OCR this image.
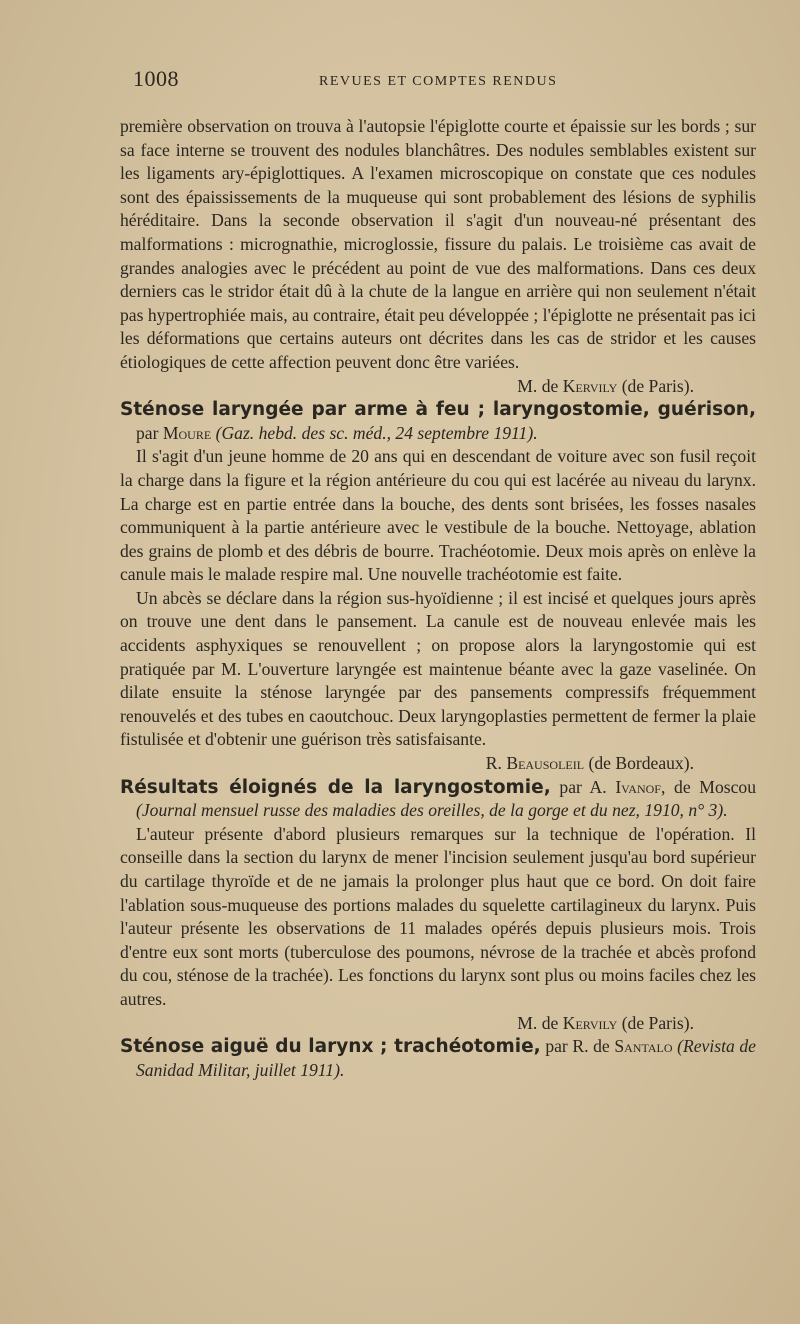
1008	REVUES ET COMPTES RENDUS

première observation on trouva à l'autopsie l'épiglotte courte et épaissie sur les bords ; sur sa face interne se trouvent des nodules blanchâtres. Des nodules semblables existent sur les ligaments ary-épiglottiques. A l'examen microscopique on constate que ces nodules sont des épaississements de la muqueuse qui sont probablement des lésions de syphilis héréditaire. Dans la seconde observation il s'agit d'un nouveau-né présentant des malformations : micrognathie, microglossie, fissure du palais. Le troisième cas avait de grandes analogies avec le précédent au point de vue des malformations. Dans ces deux derniers cas le stridor était dû à la chute de la langue en arrière qui non seulement n'était pas hypertrophiée mais, au contraire, était peu développée ; l'épiglotte ne présentait pas ici les déformations que certains auteurs ont décrites dans les cas de stridor et les causes étiologiques de cette affection peuvent donc être variées.

M. de Kervily (de Paris).

Sténose laryngée par arme à feu ; laryngostomie, guérison, par Moure (Gaz. hebd. des sc. méd., 24 septembre 1911).

Il s'agit d'un jeune homme de 20 ans qui en descendant de voiture avec son fusil reçoit la charge dans la figure et la région antérieure du cou qui est lacérée au niveau du larynx. La charge est en partie entrée dans la bouche, des dents sont brisées, les fosses nasales communiquent à la partie antérieure avec le vestibule de la bouche. Nettoyage, ablation des grains de plomb et des débris de bourre. Trachéotomie. Deux mois après on enlève la canule mais le malade respire mal. Une nouvelle trachéotomie est faite.

Un abcès se déclare dans la région sus-hyoïdienne ; il est incisé et quelques jours après on trouve une dent dans le pansement. La canule est de nouveau enlevée mais les accidents asphyxiques se renouvellent ; on propose alors la laryngostomie qui est pratiquée par M. L'ouverture laryngée est maintenue béante avec la gaze vaselinée. On dilate ensuite la sténose laryngée par des pansements compressifs fréquemment renouvelés et des tubes en caoutchouc. Deux laryngoplasties permettent de fermer la plaie fistulisée et d'obtenir une guérison très satisfaisante.

R. Beausoleil (de Bordeaux).

Résultats éloignés de la laryngostomie, par A. Ivanof, de Moscou (Journal mensuel russe des maladies des oreilles, de la gorge et du nez, 1910, n° 3).

L'auteur présente d'abord plusieurs remarques sur la technique de l'opération. Il conseille dans la section du larynx de mener l'incision seulement jusqu'au bord supérieur du cartilage thyroïde et de ne jamais la prolonger plus haut que ce bord. On doit faire l'ablation sous-muqueuse des portions malades du squelette cartilagineux du larynx. Puis l'auteur présente les observations de 11 malades opérés depuis plusieurs mois. Trois d'entre eux sont morts (tuberculose des poumons, névrose de la trachée et abcès profond du cou, sténose de la trachée). Les fonctions du larynx sont plus ou moins faciles chez les autres.

M. de Kervily (de Paris).

Sténose aiguë du larynx ; trachéotomie, par R. de Santalo (Revista de Sanidad Militar, juillet 1911).
